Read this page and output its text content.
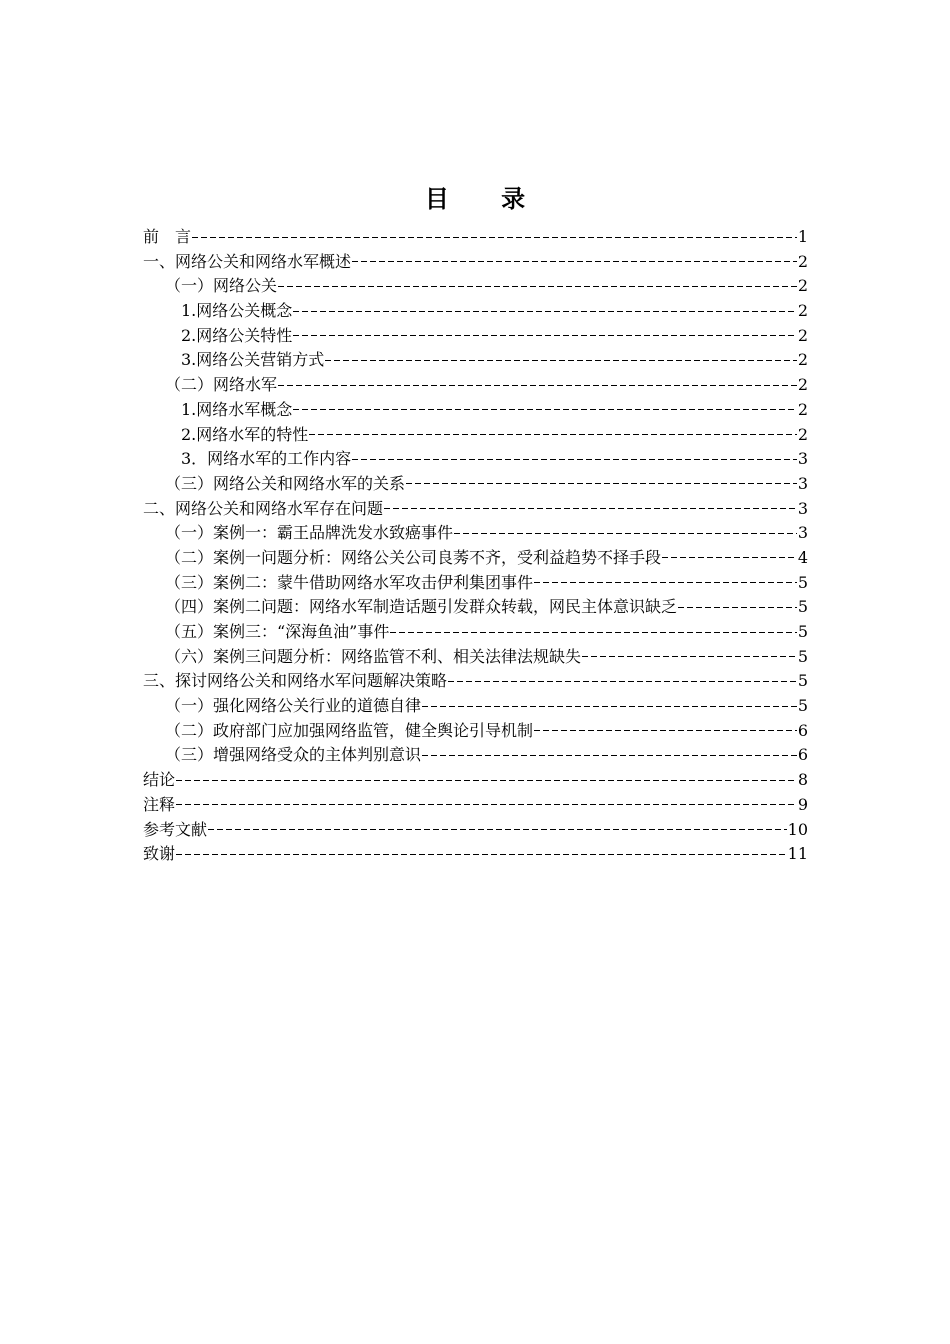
目 录
前　言	1
一、网络公关和网络水军概述	2
（一）网络公关	2
1.网络公关概念	2
2.网络公关特性	2
3.网络公关营销方式	2
（二）网络水军	2
1.网络水军概念	2
2.网络水军的特性	2
3．网络水军的工作内容	3
（三）网络公关和网络水军的关系	3
二、网络公关和网络水军存在问题	3
（一）案例一：霸王品牌洗发水致癌事件	3
（二）案例一问题分析：网络公关公司良莠不齐，受利益趋势不择手段	4
（三）案例二：蒙牛借助网络水军攻击伊利集团事件	5
（四）案例二问题：网络水军制造话题引发群众转载，网民主体意识缺乏	5
（五）案例三：“深海鱼油”事件	5
（六）案例三问题分析：网络监管不利、相关法律法规缺失	5
三、探讨网络公关和网络水军问题解决策略	5
（一）强化网络公关行业的道德自律	5
（二）政府部门应加强网络监管，健全舆论引导机制	6
（三）增强网络受众的主体判别意识	6
结论	8
注释	9
参考文献	10
致谢	11
